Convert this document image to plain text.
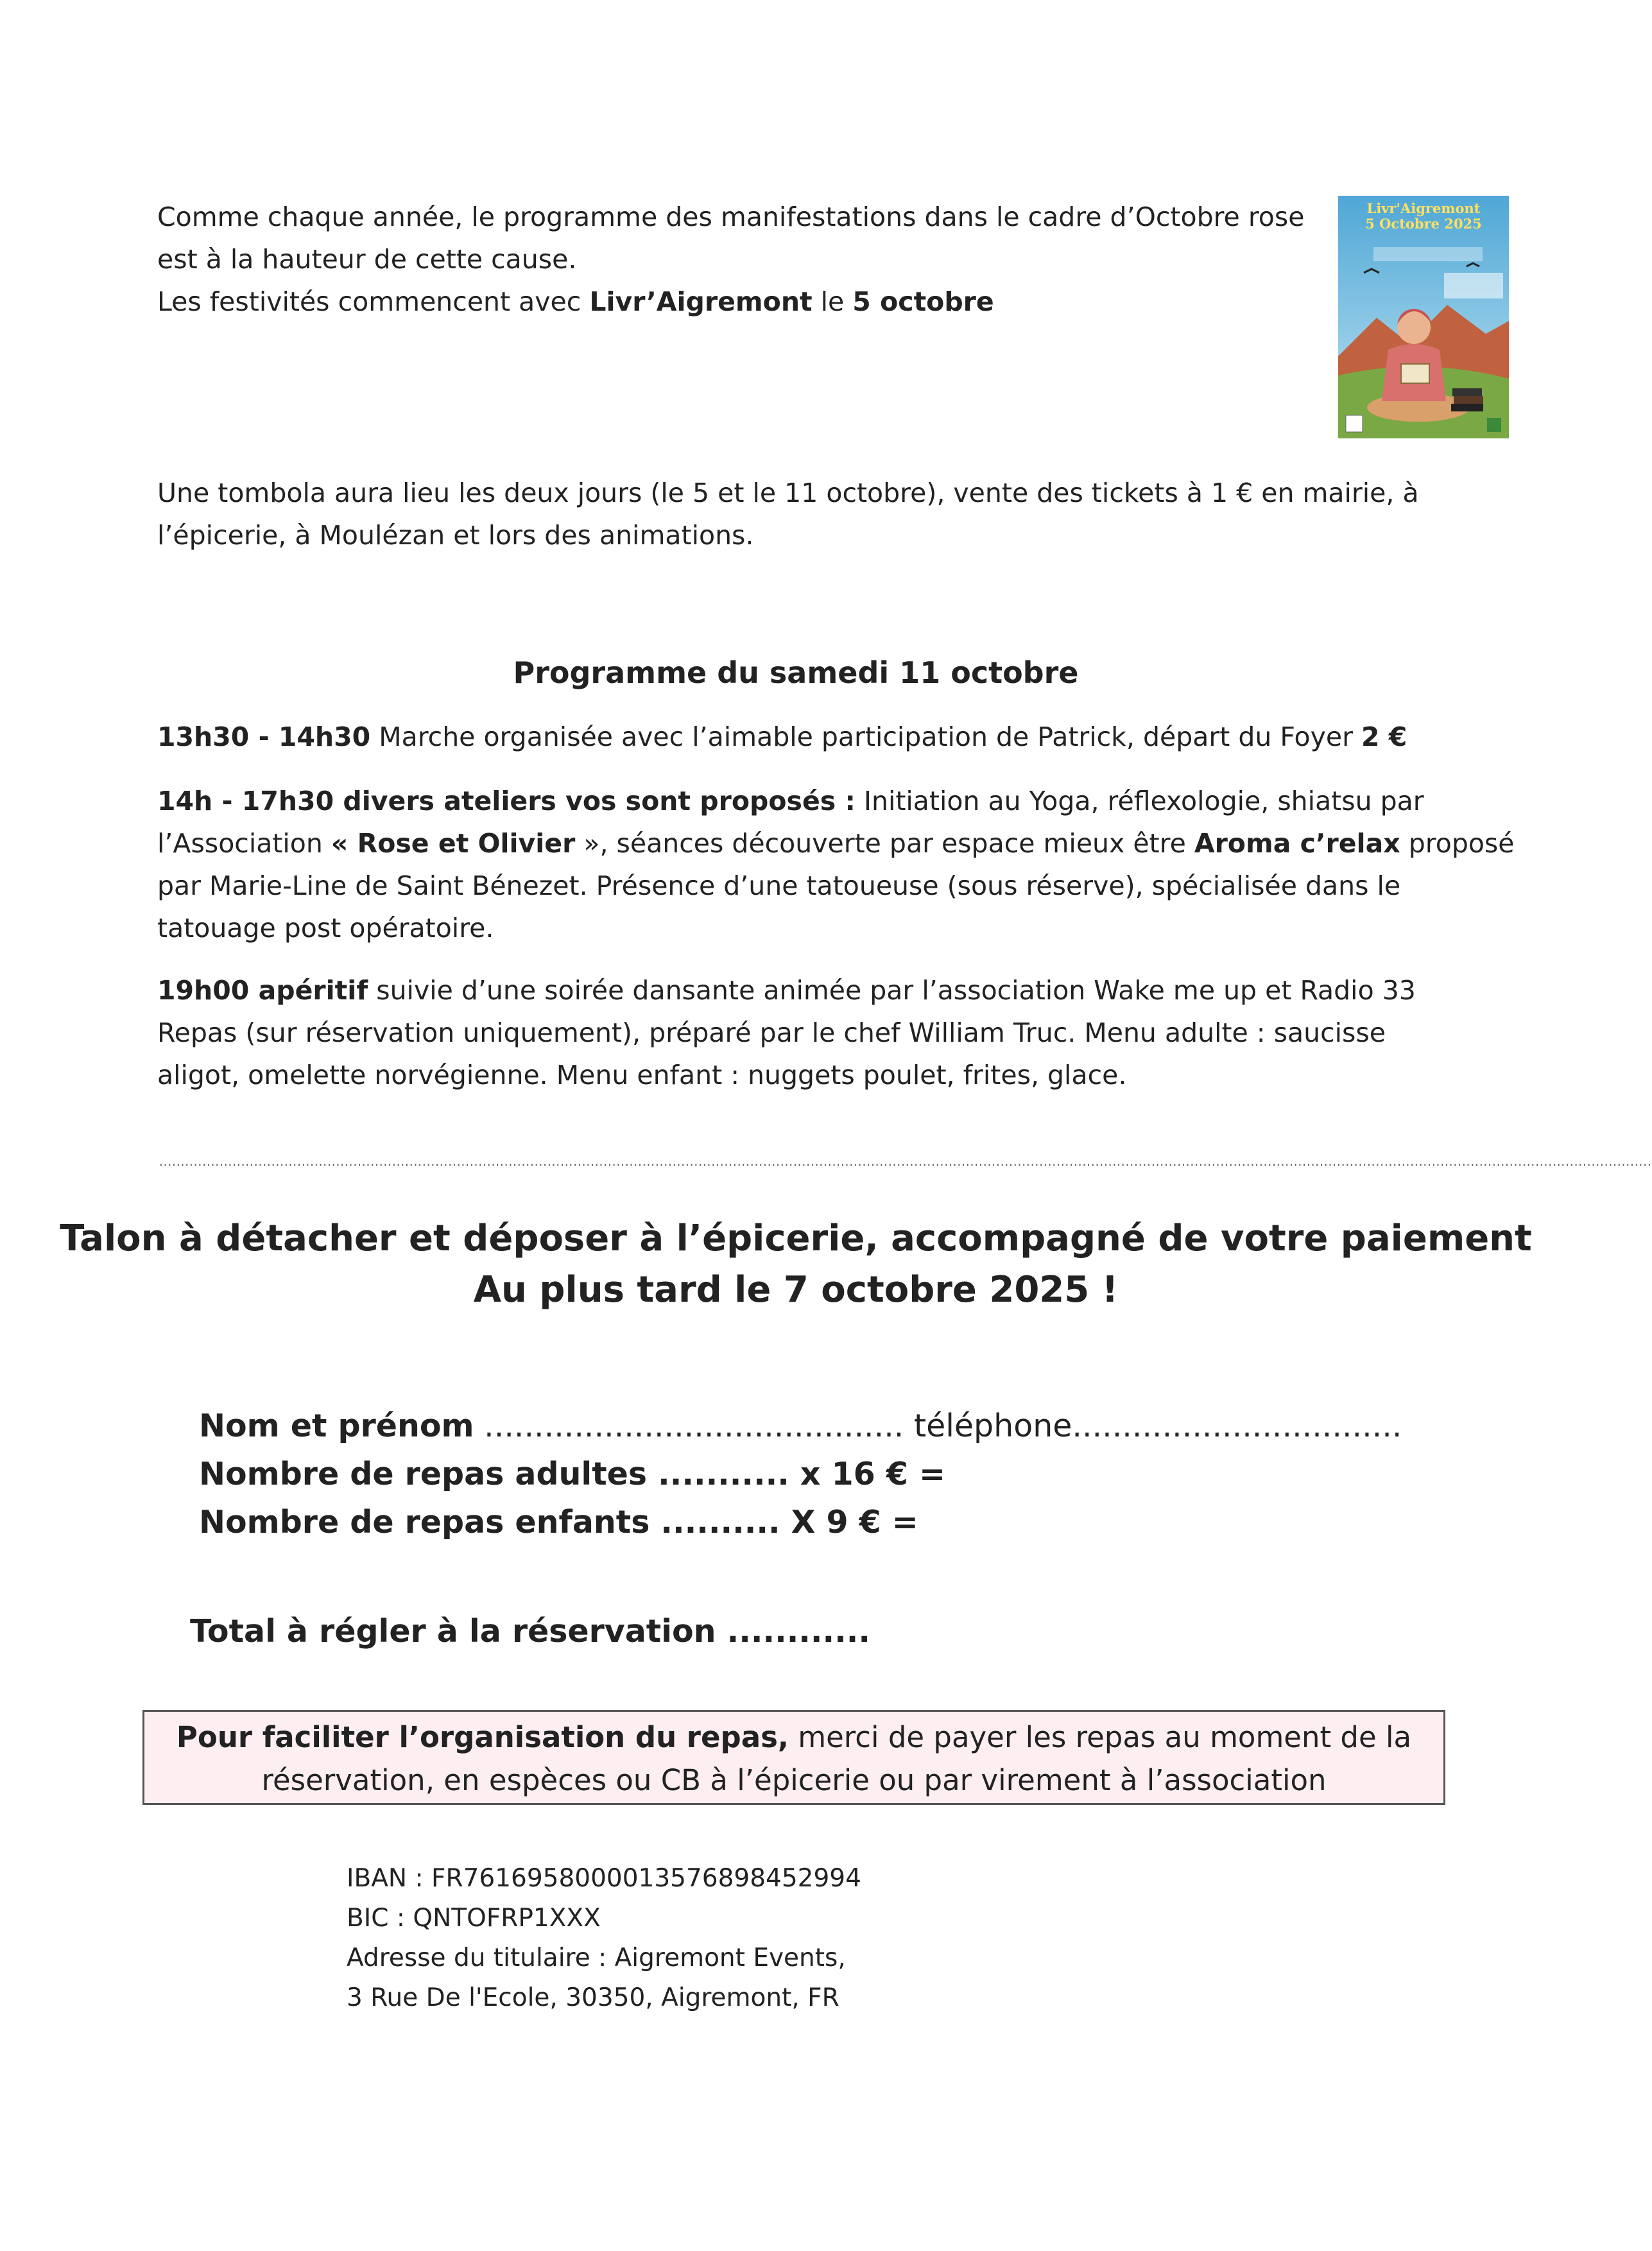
Comme chaque année, le programme des manifestations dans le cadre d’Octobre rose
est à la hauteur de cette cause.
Les festivités commencent avec Livr’Aigremont le 5 octobre
Livr'Aigremont
5 Octobre 2025
Une tombola aura lieu les deux jours (le 5 et le 11 octobre), vente des tickets à 1 € en mairie, à
l’épicerie, à Moulézan et lors des animations.
Programme du samedi 11 octobre
13h30 - 14h30 Marche organisée avec l’aimable participation de Patrick, départ du Foyer 2 €
14h - 17h30 divers ateliers vos sont proposés : Initiation au Yoga, réflexologie, shiatsu par
l’Association « Rose et Olivier », séances découverte par espace mieux être Aroma c’relax proposé
par Marie-Line de Saint Bénezet. Présence d’une tatoueuse (sous réserve), spécialisée dans le
tatouage post opératoire.
19h00 apéritif suivie d’une soirée dansante animée par l’association Wake me up et Radio 33
Repas (sur réservation uniquement), préparé par le chef William Truc. Menu adulte : saucisse
aligot, omelette norvégienne. Menu enfant : nuggets poulet, frites, glace.
..........................................................................................................................................................................................................................................................................................................................................................
Talon à détacher et déposer à l’épicerie, accompagné de votre paiement
Au plus tard le 7 octobre 2025 !
Nom et prénom .......................................... téléphone.................................
Nombre de repas adultes ........... x 16 € =
Nombre de repas enfants .......... X 9 € =
Total à régler à la réservation ............
Pour faciliter l’organisation du repas, merci de payer les repas au moment de la
réservation, en espèces ou CB à l’épicerie ou par virement à l’association
IBAN : FR7616958000013576898452994
BIC : QNTOFRP1XXX
Adresse du titulaire : Aigremont Events,
3 Rue De l'Ecole, 30350, Aigremont, FR
